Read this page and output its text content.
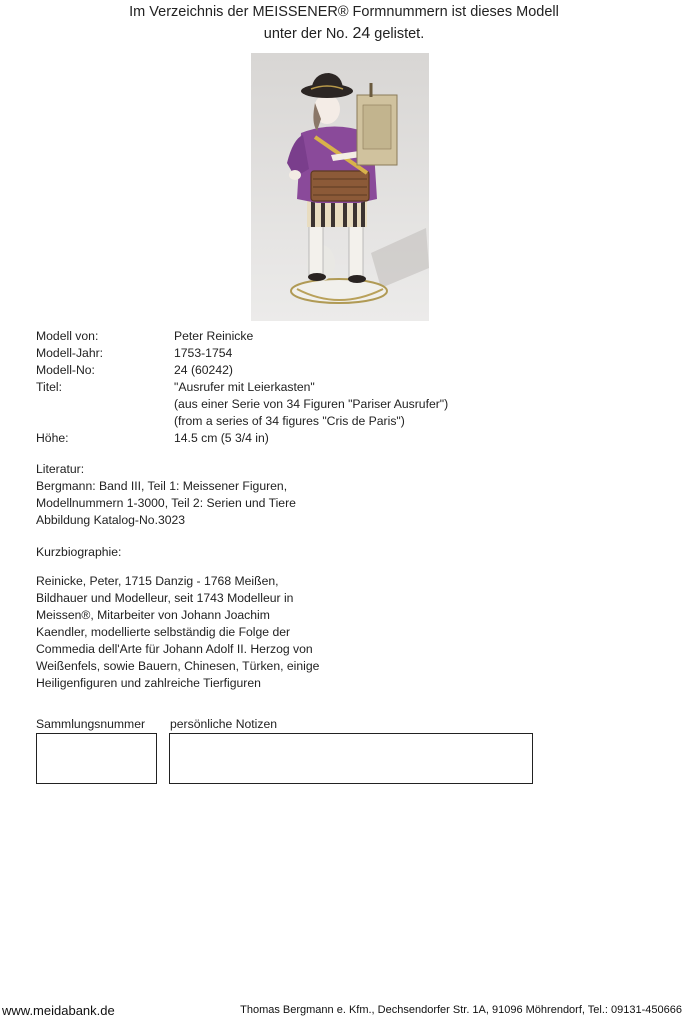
Im Verzeichnis der MEISSENER® Formnummern ist dieses Modell
unter der No. 24 gelistet.
Modell von:	Peter Reinicke
Modell-Jahr:	1753-1754
Modell-No:	24 (60242)
Titel:	"Ausrufer mit Leierkasten"
(aus einer Serie von 34 Figuren "Pariser Ausrufer")
(from a series of 34 figures "Cris de Paris")
Höhe:	14.5 cm (5 3/4 in)
Literatur:
Bergmann: Band III, Teil 1: Meissener Figuren,
Modellnummern 1-3000, Teil 2: Serien und Tiere
Abbildung Katalog-No.3023
Kurzbiographie:
Reinicke, Peter, 1715 Danzig - 1768 Meißen,
Bildhauer und Modelleur, seit 1743 Modelleur in
Meissen®, Mitarbeiter von Johann Joachim
Kaendler, modellierte selbständig die Folge der
Commedia dell'Arte für Johann Adolf II. Herzog von
Weißenfels, sowie Bauern, Chinesen, Türken, einige
Heiligenfiguren und zahlreiche Tierfiguren
Sammlungsnummer persönliche Notizen
www.meidabank.de	Thomas Bergmann e. Kfm., Dechsendorfer Str. 1A, 91096 Möhrendorf, Tel.: 09131-450666
